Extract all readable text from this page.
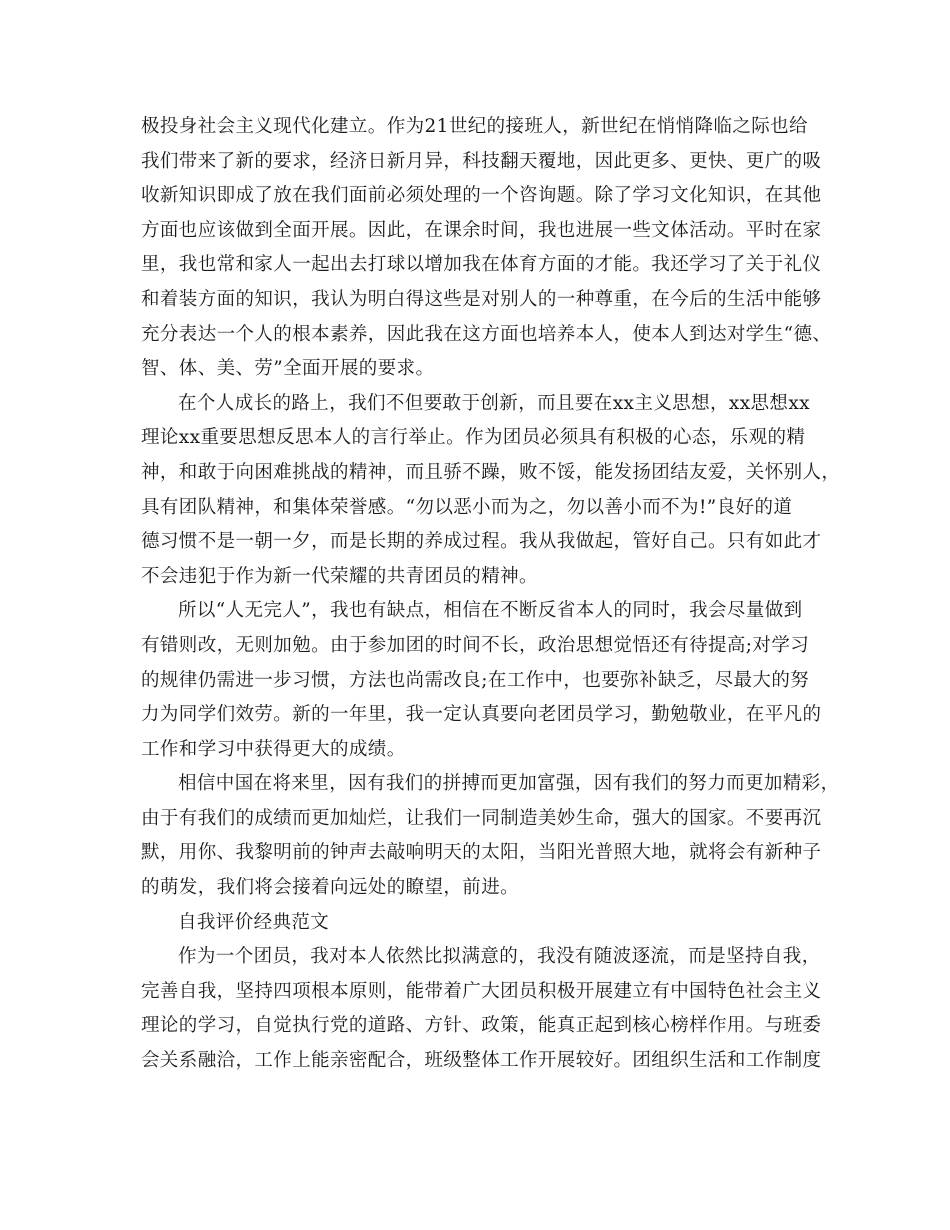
极投身社会主义现代化建立。作为21世纪的接班人，新世纪在悄悄降临之际也给
我们带来了新的要求，经济日新月异，科技翻天覆地，因此更多、更快、更广的吸
收新知识即成了放在我们面前必须处理的一个咨询题。除了学习文化知识，在其他
方面也应该做到全面开展。因此，在课余时间，我也进展一些文体活动。平时在家
里，我也常和家人一起出去打球以增加我在体育方面的才能。我还学习了关于礼仪
和着装方面的知识，我认为明白得这些是对别人的一种尊重，在今后的生活中能够
充分表达一个人的根本素养，因此我在这方面也培养本人，使本人到达对学生“德、
智、体、美、劳”全面开展的要求。
在个人成长的路上，我们不但要敢于创新，而且要在xx主义思想，xx思想xx
理论xx重要思想反思本人的言行举止。作为团员必须具有积极的心态，乐观的精
神，和敢于向困难挑战的精神，而且骄不躁，败不馁，能发扬团结友爱，关怀别人，
具有团队精神，和集体荣誉感。“勿以恶小而为之，勿以善小而不为!”良好的道
德习惯不是一朝一夕，而是长期的养成过程。我从我做起，管好自己。只有如此才
不会违犯于作为新一代荣耀的共青团员的精神。
所以“人无完人”，我也有缺点，相信在不断反省本人的同时，我会尽量做到
有错则改，无则加勉。由于参加团的时间不长，政治思想觉悟还有待提高;对学习
的规律仍需进一步习惯，方法也尚需改良;在工作中，也要弥补缺乏，尽最大的努
力为同学们效劳。新的一年里，我一定认真要向老团员学习，勤勉敬业，在平凡的
工作和学习中获得更大的成绩。
相信中国在将来里，因有我们的拼搏而更加富强，因有我们的努力而更加精彩，
由于有我们的成绩而更加灿烂，让我们一同制造美妙生命，强大的国家。不要再沉
默，用你、我黎明前的钟声去敲响明天的太阳，当阳光普照大地，就将会有新种子
的萌发，我们将会接着向远处的瞭望，前进。
自我评价经典范文
作为一个团员，我对本人依然比拟满意的，我没有随波逐流，而是坚持自我，
完善自我，坚持四项根本原则，能带着广大团员积极开展建立有中国特色社会主义
理论的学习，自觉执行党的道路、方针、政策，能真正起到核心榜样作用。与班委
会关系融洽，工作上能亲密配合，班级整体工作开展较好。团组织生活和工作制度
